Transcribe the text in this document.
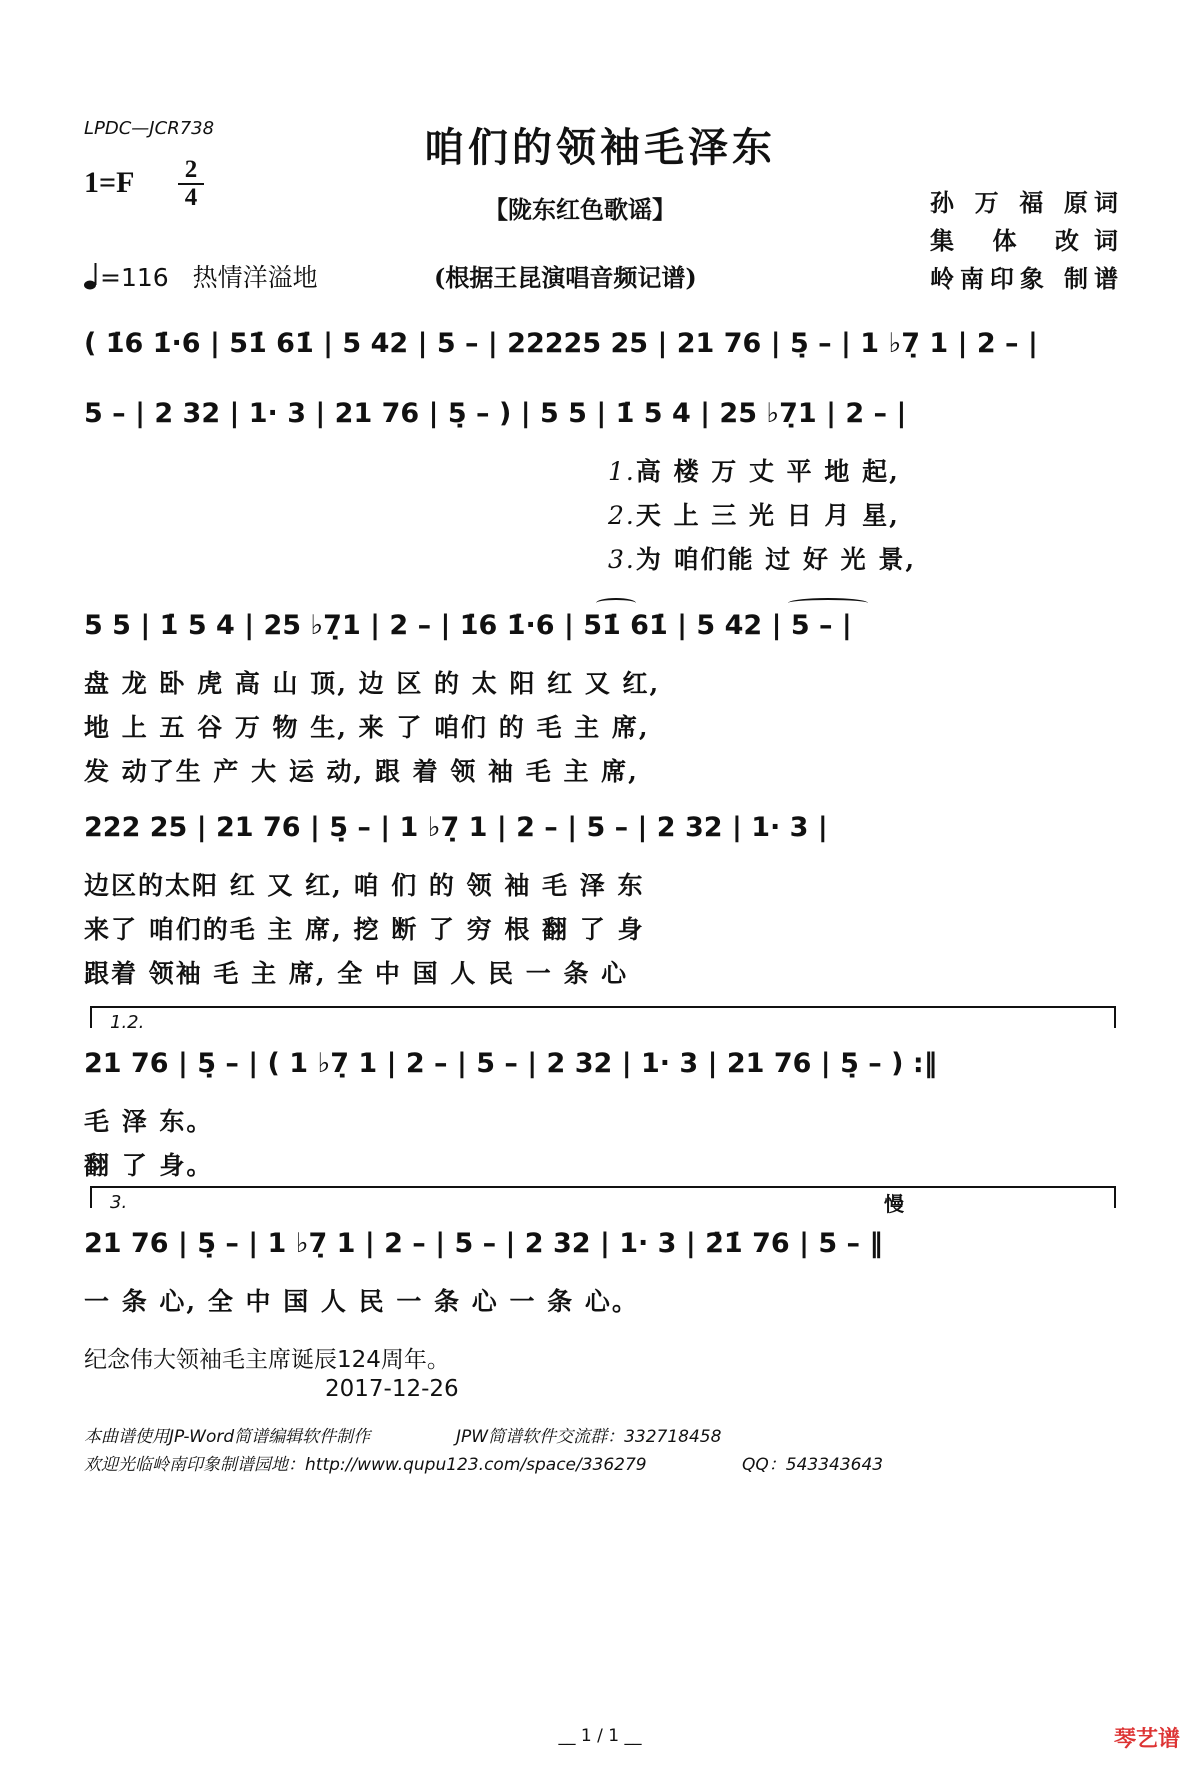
LPDC—JCR738	咱们的领袖毛泽东
1=F 2
4	【陇东红色歌谣】	孙 万 福 原词
集 体 改词
岭南印象 制谱
=116 热情洋溢地	(根据王昆演唱音频记谱)
( 1̇6 1̇·6 | 51̇ 61̇ | 5 42 | 5 – | 22225 25 | 21 76 | 5̣ – | 1 ♭7̣ 1 | 2 – |
5 – | 2 32 | 1· 3 | 21 76 | 5̣ – ) | 5 5 | 1̇ 5 4 | 25 ♭7̣1 | 2 – |
1.高 楼 万 丈 平 地 起,
2.天 上 三 光 日 月 星,
3.为 咱们能 过 好 光 景,
5 5 | 1̇ 5 4 | 25 ♭7̣1 | 2 – | 1̇6 1̇·6 | 51̇ 61̇ | 5 42 | 5 – |
盘 龙 卧 虎 高 山 顶, 边 区 的 太 阳 红 又 红,
地 上 五 谷 万 物 生, 来 了 咱们 的 毛 主 席,
发 动了生 产 大 运 动, 跟 着 领 袖 毛 主 席,
222 25 | 21 76 | 5̣ – | 1 ♭7̣ 1 | 2 – | 5 – | 2 32 | 1· 3 |
边区的太阳 红 又 红, 咱 们 的 领 袖 毛 泽 东
来了 咱们的毛 主 席, 挖 断 了 穷 根 翻 了 身
跟着 领袖 毛 主 席, 全 中 国 人 民 一 条 心
1.2.
21 76 | 5̣ – | ( 1 ♭7̣ 1 | 2 – | 5 – | 2 32 | 1· 3 | 21 76 | 5̣ – ) :‖
毛 泽 东。
翻 了 身。
3.	慢
21 76 | 5̣ – | 1 ♭7̣ 1 | 2 – | 5 – | 2 32 | 1· 3 | 2̇1̇ 76 | 5 – ‖
一 条 心, 全 中 国 人 民 一 条 心 一 条 心。
纪念伟大领袖毛主席诞辰124周年。
2017-12-26
本曲谱使用JP-Word简谱编辑软件制作	JPW简谱软件交流群：332718458
欢迎光临岭南印象制谱园地：http://www.qupu123.com/space/336279	QQ：543343643
__ 1 / 1 __	琴艺谱
